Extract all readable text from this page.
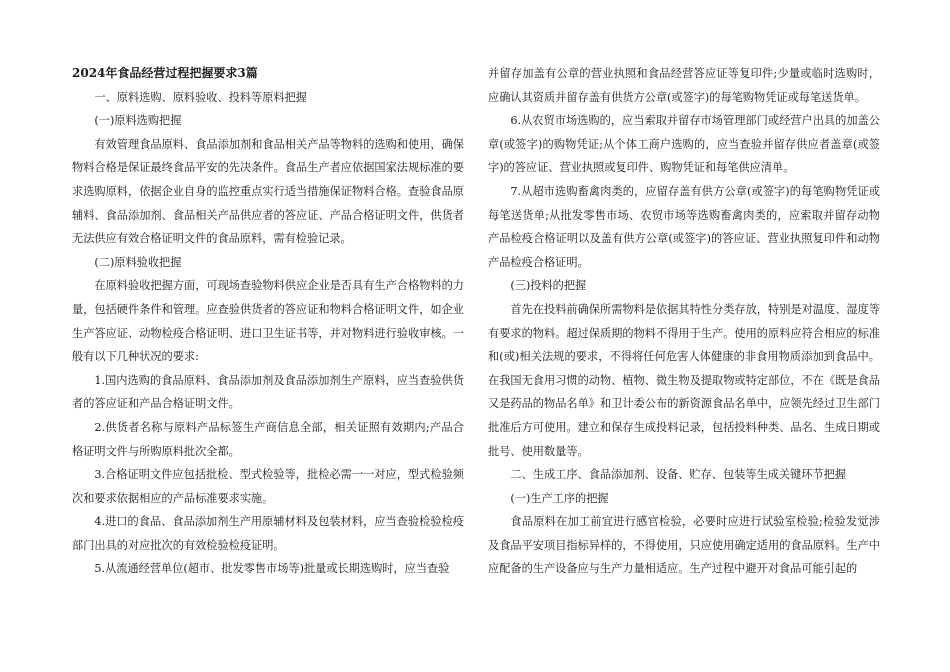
2024年食品经营过程把握要求3篇

一、原料选购、原料验收、投料等原料把握

(一)原料选购把握

有效管理食品原料、食品添加剂和食品相关产品等物料的选购和使用，确保物料合格是保证最终食品平安的先决条件。食品生产者应依据国家法规标准的要求选购原料，依据企业自身的监控重点实行适当措施保证物料合格。查验食品原辅料、食品添加剂、食品相关产品供应者的答应证、产品合格证明文件，供货者无法供应有效合格证明文件的食品原料，需有检验记录。

(二)原料验收把握

在原料验收把握方面，可现场查验物料供应企业是否具有生产合格物料的力量，包括硬件条件和管理。应查验供货者的答应证和物料合格证明文件，如企业生产答应证、动物检疫合格证明、进口卫生证书等，并对物料进行验收审核。一般有以下几种状况的要求:

1.国内选购的食品原料、食品添加剂及食品添加剂生产原料，应当查验供货者的答应证和产品合格证明文件。

2.供货者名称与原料产品标签生产商信息全部，相关证照有效期内;产品合格证明文件与所购原料批次全都。

3.合格证明文件应包括批检、型式检验等，批检必需一一对应，型式检验频次和要求依据相应的产品标准要求实施。

4.进口的食品、食品添加剂生产用原辅材料及包装材料，应当查验检验检疫部门出具的对应批次的有效检验检疫证明。

5.从流通经营单位(超市、批发零售市场等)批量或长期选购时，应当查验

并留存加盖有公章的营业执照和食品经营答应证等复印件;少量或临时选购时，应确认其资质并留存盖有供货方公章(或签字)的每笔购物凭证或每笔送货单。

6.从农贸市场选购的，应当索取并留存市场管理部门或经营户出具的加盖公章(或签字)的购物凭证;从个体工商户选购的，应当查验并留存供应者盖章(或签字)的答应证、营业执照或复印件、购物凭证和每笔供应清单。

7.从超市选购畜禽肉类的，应留存盖有供方公章(或签字)的每笔购物凭证或每笔送货单;从批发零售市场、农贸市场等选购畜禽肉类的，应索取并留存动物产品检疫合格证明以及盖有供方公章(或签字)的答应证、营业执照复印件和动物产品检疫合格证明。

(三)投料的把握

首先在投料前确保所需物料是依据其特性分类存放，特别是对温度、湿度等有要求的物料。超过保质期的物料不得用于生产。使用的原料应符合相应的标准和(或)相关法规的要求，不得将任何危害人体健康的非食用物质添加到食品中。在我国无食用习惯的动物、植物、微生物及提取物或特定部位，不在《既是食品又是药品的物品名单》和卫计委公布的新资源食品名单中，应领先经过卫生部门批准后方可使用。建立和保存生成投料记录，包括投料种类、品名、生成日期或批号、使用数量等。

二、生成工序、食品添加剂、设备、贮存、包装等生成关键环节把握

(一)生产工序的把握

食品原料在加工前宜进行感官检验，必要时应进行试验室检验;检验发觉涉及食品平安项目指标异样的，不得使用，只应使用确定适用的食品原料。生产中应配备的生产设备应与生产力量相适应。生产过程中避开对食品可能引起的
